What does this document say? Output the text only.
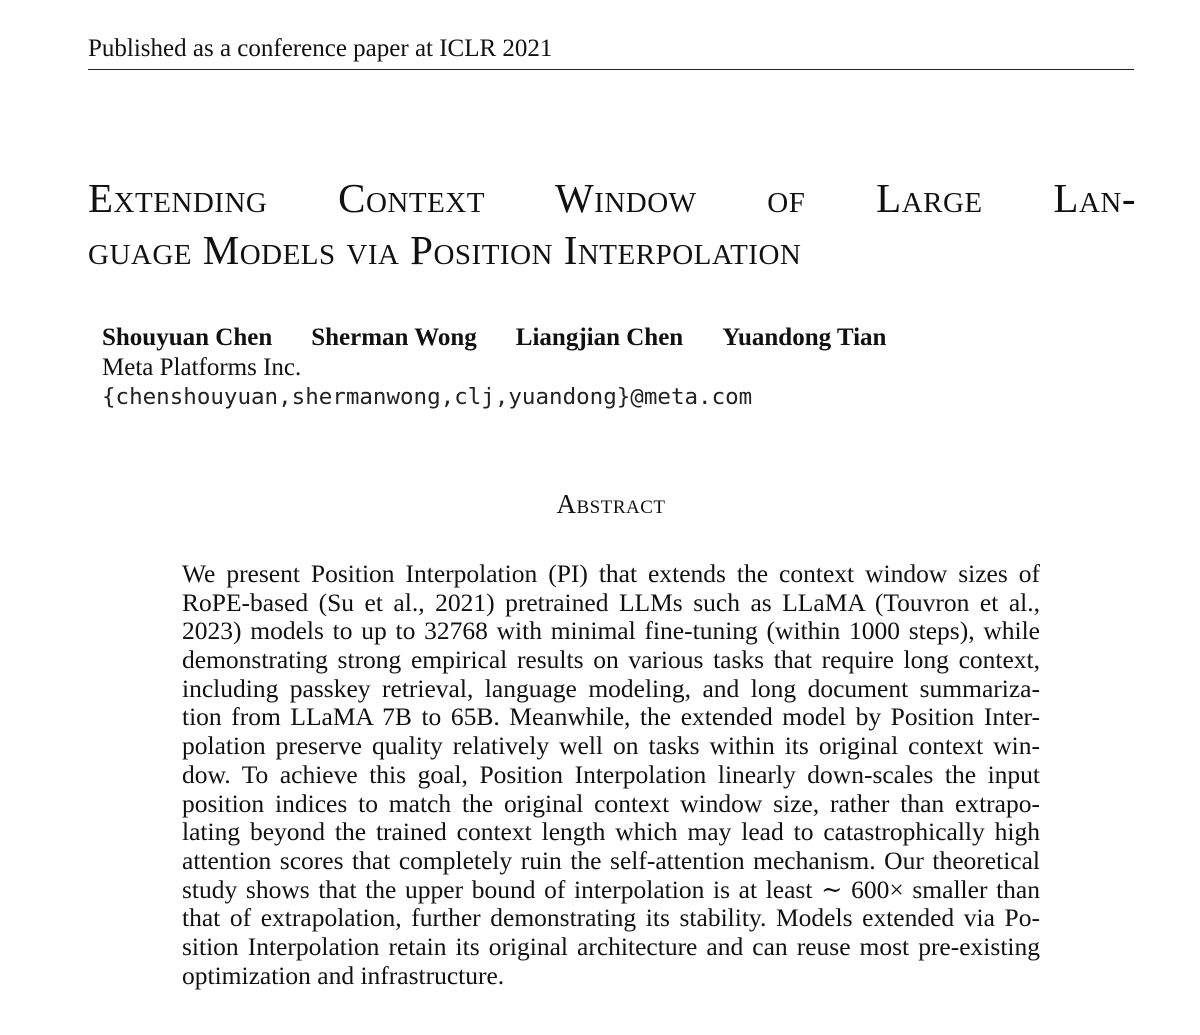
Published as a conference paper at ICLR 2021
Extending Context Window of Large Lan-
guage Models via Position Interpolation
Shouyuan Chen Sherman Wong Liangjian Chen Yuandong Tian
Meta Platforms Inc.
{chenshouyuan,shermanwong,clj,yuandong}@meta.com
Abstract
We present Position Interpolation (PI) that extends the context window sizes of
RoPE-based (Su et al., 2021) pretrained LLMs such as LLaMA (Touvron et al.,
2023) models to up to 32768 with minimal fine-tuning (within 1000 steps), while
demonstrating strong empirical results on various tasks that require long context,
including passkey retrieval, language modeling, and long document summariza-
tion from LLaMA 7B to 65B. Meanwhile, the extended model by Position Inter-
polation preserve quality relatively well on tasks within its original context win-
dow. To achieve this goal, Position Interpolation linearly down-scales the input
position indices to match the original context window size, rather than extrapo-
lating beyond the trained context length which may lead to catastrophically high
attention scores that completely ruin the self-attention mechanism. Our theoretical
study shows that the upper bound of interpolation is at least ∼ 600× smaller than
that of extrapolation, further demonstrating its stability. Models extended via Po-
sition Interpolation retain its original architecture and can reuse most pre-existing
optimization and infrastructure.
